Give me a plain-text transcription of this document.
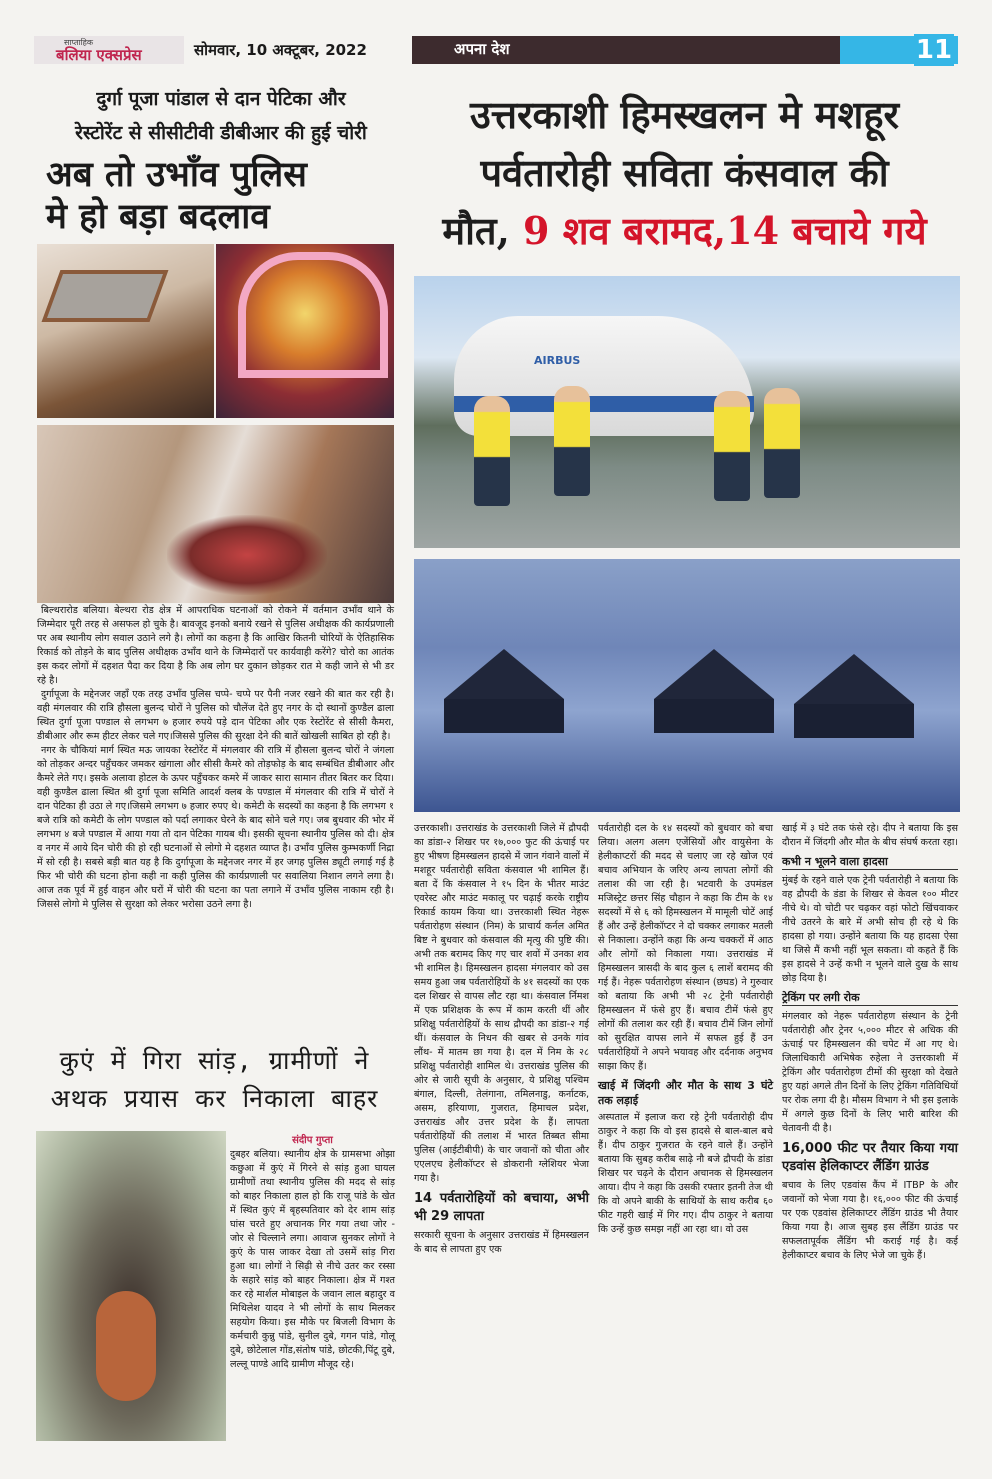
साप्ताहिक
बलिया एक्सप्रेस	सोमवार, 10 अक्टूबर, 2022	अपना देश	11
दुर्गा पूजा पांडाल से दान पेटिका और
रेस्टोरेंट से सीसीटीवी डीबीआर की हुई चोरी
अब तो उभाँव पुलिस
मे हो बड़ा बदलाव
उत्तरकाशी हिमस्खलन मे मशहूर
पर्वतारोही सविता कंसवाल की
मौत, 9 शव बरामद,14 बचाये गये
AIRBUS

बिल्थरारोड बलिया। बेल्थरा रोड क्षेत्र में आपराधिक घटनाओं को रोकने में वर्तमान उभाँव थाने के जिम्मेदार पूरी तरह से असफल हो चुके है। बावजूद इनको बनाये रखने से पुलिस अधीक्षक की कार्यप्रणाली पर अब स्थानीय लोग सवाल उठाने लगे है। लोगों का कहना है कि आखिर कितनी चोरियों के ऐतिहासिक रिकार्ड को तोड़ने के बाद पुलिस अधीक्षक उभाँव थाने के जिम्मेदारों पर कार्यवाही करेंगे? चोरो का आतंक इस कदर लोगों में दहशत पैदा कर दिया है कि अब लोग घर दुकान छोड़कर रात मे कही जाने से भी डर रहे है।

दुर्गापूजा के मद्देनजर जहाँ एक तरह उभाँव पुलिस चप्पे- चप्पे पर पैनी नजर रखने की बात कर रही है। वही मंगलवार की रात्रि हौसला बुलन्द चोरों ने पुलिस को चौलेंज देते हुए नगर के दो स्थानों कुण्डैल ढाला स्थित दुर्गा पूजा पण्डाल से लगभग ७ हजार रुपये पड़े दान पेटिका और एक रेस्टोरेंट से सीसी कैमरा, डीबीआर और रूम हीटर लेकर चले गए।जिससे पुलिस की सुरक्षा देने की बातें खोखली साबित हो रही है।

नगर के चौकियां मार्ग स्थित मऊ जायका रेस्टोरेंट में मंगलवार की रात्रि में हौसला बुलन्द चोरों ने जंगला को तोड़कर अन्दर पहुँचकर जमकर खंगाला और सीसी कैमरे को तोड़फोड़ के बाद सम्बंधित डीबीआर और कैमरे लेते गए। इसके अलावा होटल के ऊपर पहुँचकर कमरे में जाकर सारा सामान तीतर बितर कर दिया। वही कुण्डैल ढाला स्थित श्री दुर्गा पूजा समिति आदर्श क्लब के पण्डाल में मंगलवार की रात्रि में चोरों ने दान पेटिका ही उठा ले गए।जिसमे लगभग ७ हजार रुपए थे। कमेटी के सदस्यों का कहना है कि लगभग १ बजे रात्रि को कमेटी के लोग पण्डाल को पर्दा लगाकर घेरने के बाद सोने चले गए। जब बुधवार की भोर में लगभग ४ बजे पण्डाल में आया गया तो दान पेटिका गायब थी। इसकी सूचना स्थानीय पुलिस को दी। क्षेत्र व नगर में आये दिन चोरी की हो रही घटनाओं से लोगो मे दहशत व्याप्त है। उभाँव पुलिस कुम्भकर्णी निद्रा में सो रही है। सबसे बड़ी बात यह है कि दुर्गापूजा के मद्देनजर नगर में हर जगह पुलिस ड्यूटी लगाई गई है फिर भी चोरी की घटना होना कही ना कही पुलिस की कार्यप्रणाली पर सवालिया निशान लगने लगा है। आज तक पूर्व में हुई वाहन और घरों में चोरी की घटना का पता लगाने में उभाँव पुलिस नाकाम रही है।जिससे लोगो मे पुलिस से सुरक्षा को लेकर भरोसा उठने लगा है।

कुएं में गिरा सांड़, ग्रामीणों ने
अथक प्रयास कर निकाला बाहर
संदीप गुप्ता
दुबहर बलिया। स्थानीय क्षेत्र के ग्रामसभा ओझा कछुआ में कुएं में गिरने से सांड़ हुआ घायल ग्रामीणों तथा स्थानीय पुलिस की मदद से सांड़ को बाहर निकाला हाल हो कि राजू पांडे के खेत में स्थित कुएं में बृहस्पतिवार को देर शाम सांड़ घांस चरते हुए अचानक गिर गया तथा जोर - जोर से चिल्लाने लगा। आवाज सुनकर लोगों ने कुएं के पास जाकर देखा तो उसमें सांड़ गिरा हुआ था। लोगों ने सिढ़ी से नीचे उतर कर रस्सा के सहारे सांड़ को बाहर निकाला। क्षेत्र में गश्त कर रहे मार्शल मोबाइल के जवान लाल बहादुर व मिथिलेश यादव ने भी लोगों के साथ मिलकर सहयोग किया। इस मौके पर बिजली विभाग के कर्मचारी कुन्नु पांडे, सुनील दुबे, गगन पांडे, गोलू दुबे, छोटेलाल गोंड,संतोष पांडे, छोटकी,पिंटू दुबे, लल्लू पाण्डे आदि ग्रामीण मौजूद रहे।
उत्तरकाशी। उत्तराखंड के उत्तरकाशी जिले में द्रौपदी का डांडा-२ शिखर पर १७,००० फुट की ऊंचाई पर हुए भीषण हिमस्खलन हादसे में जान गंवाने वालों में मशहूर पर्वतारोही सविता कंसवाल भी शामिल हैं। बता दें कि कंसवाल ने १५ दिन के भीतर माउंट एवरेस्ट और माउंट मकालू पर चढ़ाई करके राष्ट्रीय रिकार्ड कायम किया था। उत्तरकाशी स्थित नेहरू पर्वतारोहण संस्थान (निम) के प्राचार्य कर्नल अमित बिष्ट ने बुधवार को कंसवाल की मृत्यु की पुष्टि की। अभी तक बरामद किए गए चार शवों में उनका शव भी शामिल है। हिमस्खलन हादसा मंगलवार को उस समय हुआ जब पर्वतारोहियों के ४१ सदस्यों का एक दल शिखर से वापस लौट रहा था। कंसवाल र्निमश में एक प्रशिक्षक के रूप में काम करती थीं और प्रशिक्षु पर्वतारोहियों के साथ द्रौपदी का डांडा-२ गई थीं। कंसवाल के निधन की खबर से उनके गांव लौंथ- में मातम छा गया है। दल में निम के २८ प्रशिक्षु पर्वतारोही शामिल थे। उत्तराखंड पुलिस की ओर से जारी सूची के अनुसार, ये प्रशिक्षु पश्चिम बंगाल, दिल्ली, तेलंगाना, तमिलनाडु, कर्नाटक, असम, हरियाणा, गुजरात, हिमाचल प्रदेश, उत्तराखंड और उत्तर प्रदेश के हैं। लापता पर्वतारोहियों की तलाश में भारत तिब्बत सीमा पुलिस (आईटीबीपी) के चार जवानों को चीता और एएलएच हेलीकॉप्टर से डोकरानी ग्लेशियर भेजा गया है।
14 पर्वतारोहियों को बचाया, अभी भी 29 लापता
सरकारी सूचना के अनुसार उत्तराखंड में हिमस्खलन के बाद से लापता हुए एक
पर्वतारोही दल के १४ सदस्यों को बुधवार को बचा लिया। अलग अलग एजेंसियों और वायुसेना के हेलीकाप्टरों की मदद से चलाए जा रहे खोज एवं बचाव अभियान के जरिए अन्य लापता लोगों की तलाश की जा रही है। भटवारी के उपमंडल मजिस्ट्रेट छत्तर सिंह चौहान ने कहा कि टीम के १४ सदस्यों में से ६ को हिमस्खलन में मामूली चोटें आई हैं और उन्हें हेलीकॉप्टर ने दो चक्कर लगाकर मतली से निकाला। उन्होंने कहा कि अन्य चक्करों में आठ और लोगों को निकाला गया। उत्तराखंड में हिमस्खलन त्रासदी के बाद कुल ६ लाशें बरामद की गई हैं। नेहरू पर्वतारोहण संस्थान (छघड) ने गुरुवार को बताया कि अभी भी २८ ट्रेनी पर्वतारोही हिमस्खलन में फंसे हुए हैं। बचाव टीमें फंसे हुए लोगों की तलाश कर रही हैं। बचाव टीमें जिन लोगों को सुरक्षित वापस लाने में सफल हुई हैं उन पर्वतारोहियों ने अपने भयावह और दर्दनाक अनुभव साझा किए हैं।
खाई में जिंदगी और मौत के साथ 3 घंटे तक लड़ाई
अस्पताल में इलाज करा रहे ट्रेनी पर्वतारोही दीप ठाकुर ने कहा कि वो इस हादसे से बाल-बाल बचे हैं। दीप ठाकुर गुजरात के रहने वाले हैं। उन्होंने बताया कि सुबह करीब साढ़े नौ बजे द्रौपदी के डांडा शिखर पर चढ़ने के दौरान अचानक से हिमस्खलन आया। दीप ने कहा कि उसकी रफ्तार इतनी तेज थी कि वो अपने बाकी के साथियों के साथ करीब ६० फीट गहरी खाई में गिर गए। दीप ठाकुर ने बताया कि उन्हें कुछ समझ नहीं आ रहा था। वो उस
खाई में ३ घंटे तक फंसे रहे। दीप ने बताया कि इस दौरान में जिंदगी और मौत के बीच संघर्ष करता रहा।
कभी न भूलने वाला हादसा
मुंबई के रहने वाले एक ट्रेनी पर्वतारोही ने बताया कि वह द्रौपदी के डंडा के शिखर से केवल १०० मीटर नीचे थे। वो चोटी पर चढ़कर वहां फोटो खिंचवाकर नीचे उतरने के बारे में अभी सोच ही रहे थे कि हादसा हो गया। उन्होंने बताया कि यह हादसा ऐसा था जिसे मैं कभी नहीं भूल सकता। वो कहते हैं कि इस हादसे ने उन्हें कभी न भूलने वाले दुख के साथ छोड़ दिया है।
ट्रेकिंग पर लगी रोक
मंगलवार को नेहरू पर्वतारोहण संस्थान के ट्रेनी पर्वतारोही और ट्रेनर ५,००० मीटर से अधिक की ऊंचाई पर हिमस्खलन की चपेट में आ गए थे। जिलाधिकारी अभिषेक रुहेला ने उत्तरकाशी में ट्रेकिंग और पर्वतारोहण टीमों की सुरक्षा को देखते हुए यहां अगले तीन दिनों के लिए ट्रेकिंग गतिविधियों पर रोक लगा दी है। मौसम विभाग ने भी इस इलाके में अगले कुछ दिनों के लिए भारी बारिश की चेतावनी दी है।
16,000 फीट पर तैयार किया गया एडवांस हेलिकाप्टर लैंडिंग ग्राउंड
बचाव के लिए एडवांस कैंप में ITBP के और जवानों को भेजा गया है। १६,००० फीट की ऊंचाई पर एक एडवांस हेलिकाप्टर लैंडिंग ग्राउंड भी तैयार किया गया है। आज सुबह इस लैंडिंग ग्राउंड पर सफलतापूर्वक लैंडिंग भी कराई गई है। कई हेलीकाप्टर बचाव के लिए भेजे जा चुके हैं।
